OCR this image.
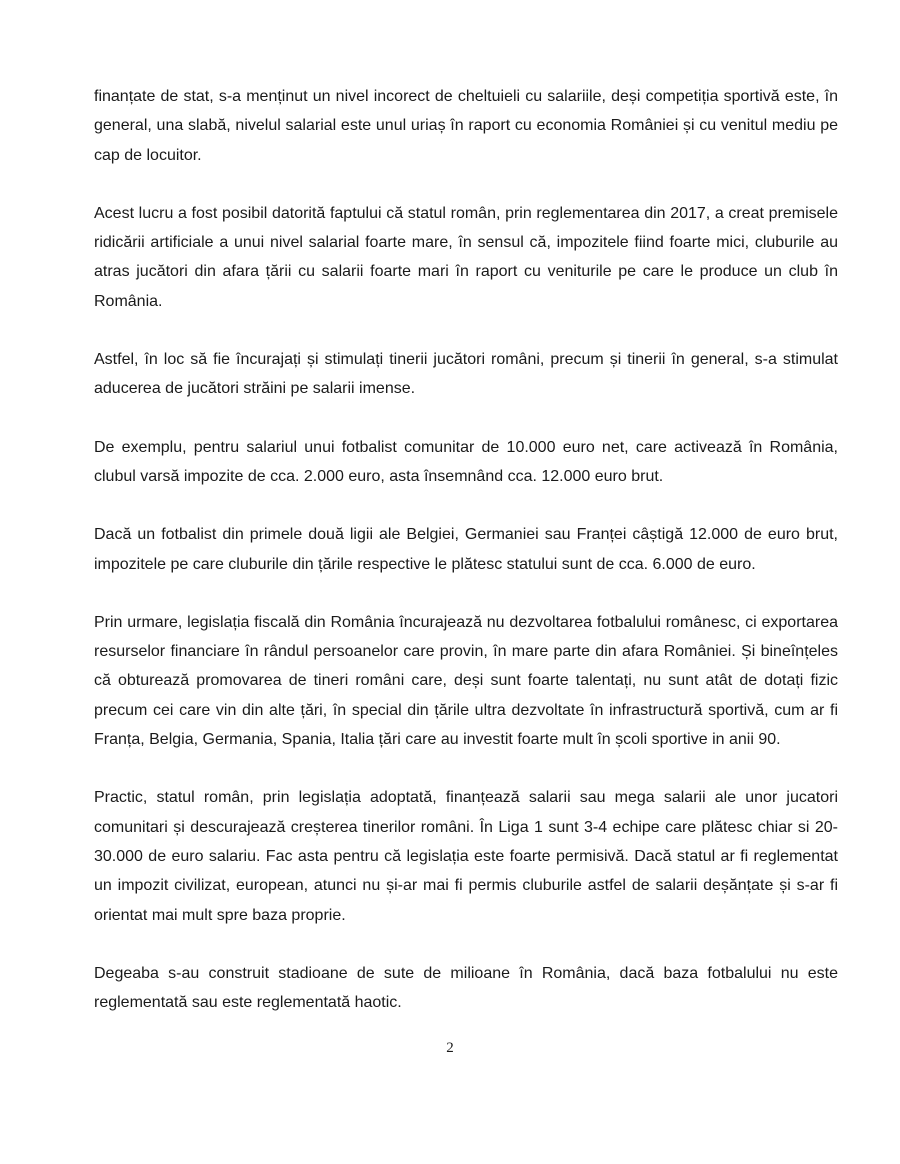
finanțate de stat, s-a menținut un nivel incorect de cheltuieli cu salariile, deși competiția sportivă este, în general, una slabă, nivelul salarial este unul uriaș în raport cu economia României și cu venitul mediu pe cap de locuitor.

Acest lucru a fost posibil datorită faptului că statul român, prin reglementarea din 2017, a creat premisele ridicării artificiale a unui nivel salarial foarte mare, în sensul că, impozitele fiind foarte mici, cluburile au atras jucători din afara țării cu salarii foarte mari în raport cu veniturile pe care le produce un club în România.

Astfel, în loc să fie încurajați și stimulați tinerii jucători români, precum și tinerii în general, s-a stimulat aducerea de jucători străini pe salarii imense.

De exemplu, pentru salariul unui fotbalist comunitar de 10.000 euro net, care activează în România, clubul varsă impozite de cca. 2.000 euro, asta însemnând cca. 12.000 euro brut.

Dacă un fotbalist din primele două ligii ale Belgiei, Germaniei sau Franței câștigă 12.000 de euro brut, impozitele pe care cluburile din țările respective le plătesc statului sunt de cca. 6.000 de euro.

Prin urmare, legislația fiscală din România încurajează nu dezvoltarea fotbalului românesc, ci exportarea resurselor financiare în rândul persoanelor care provin, în mare parte din afara României. Și bineînțeles că obturează promovarea de tineri români care, deși sunt foarte talentați, nu sunt atât de dotați fizic precum cei care vin din alte țări, în special din țările ultra dezvoltate în infrastructură sportivă, cum ar fi Franța, Belgia, Germania, Spania, Italia țări care au investit foarte mult în școli sportive in anii 90.

Practic, statul român, prin legislația adoptată, finanțează salarii sau mega salarii ale unor jucatori comunitari și descurajează creșterea tinerilor români. În Liga 1 sunt 3-4 echipe care plătesc chiar si 20-30.000 de euro salariu. Fac asta pentru că legislația este foarte permisivă. Dacă statul ar fi reglementat un impozit civilizat, european, atunci nu și-ar mai fi permis cluburile astfel de salarii deșănțate și s-ar fi orientat mai mult spre baza proprie.

Degeaba s-au construit stadioane de sute de milioane în România, dacă baza fotbalului nu este reglementată sau este reglementată haotic.

2
